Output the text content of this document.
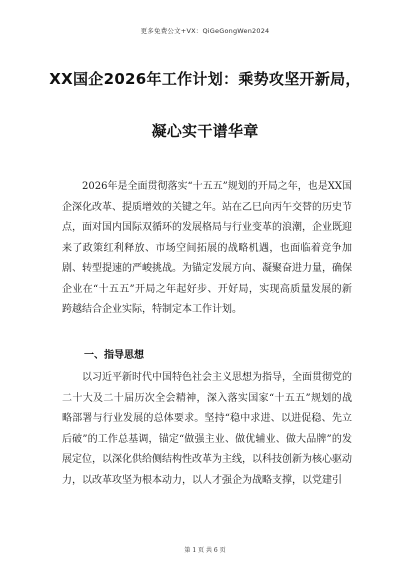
更多免费公文+VX：QiGeGongWen2024
XX国企2026年工作计划：乘势攻坚开新局，
凝心实干谱华章

2026年是全面贯彻落实“十五五”规划的开局之年，也是XX国企深化改革、提质增效的关键之年。站在乙巳向丙午交替的历史节点，面对国内国际双循环的发展格局与行业变革的浪潮，企业既迎来了政策红利释放、市场空间拓展的战略机遇，也面临着竞争加剧、转型提速的严峻挑战。为锚定发展方向、凝聚奋进力量，确保企业在“十五五”开局之年起好步、开好局，实现高质量发展的新跨越结合企业实际，特制定本工作计划。

一、指导思想

以习近平新时代中国特色社会主义思想为指导，全面贯彻党的二十大及二十届历次全会精神，深入落实国家“十五五”规划的战略部署与行业发展的总体要求。坚持“稳中求进、以进促稳、先立后破”的工作总基调，锚定“做强主业、做优辅业、做大品牌”的发展定位，以深化供给侧结构性改革为主线，以科技创新为核心驱动力，以改革攻坚为根本动力，以人才强企为战略支撑，以党建引

第 1 页 共 6 页
